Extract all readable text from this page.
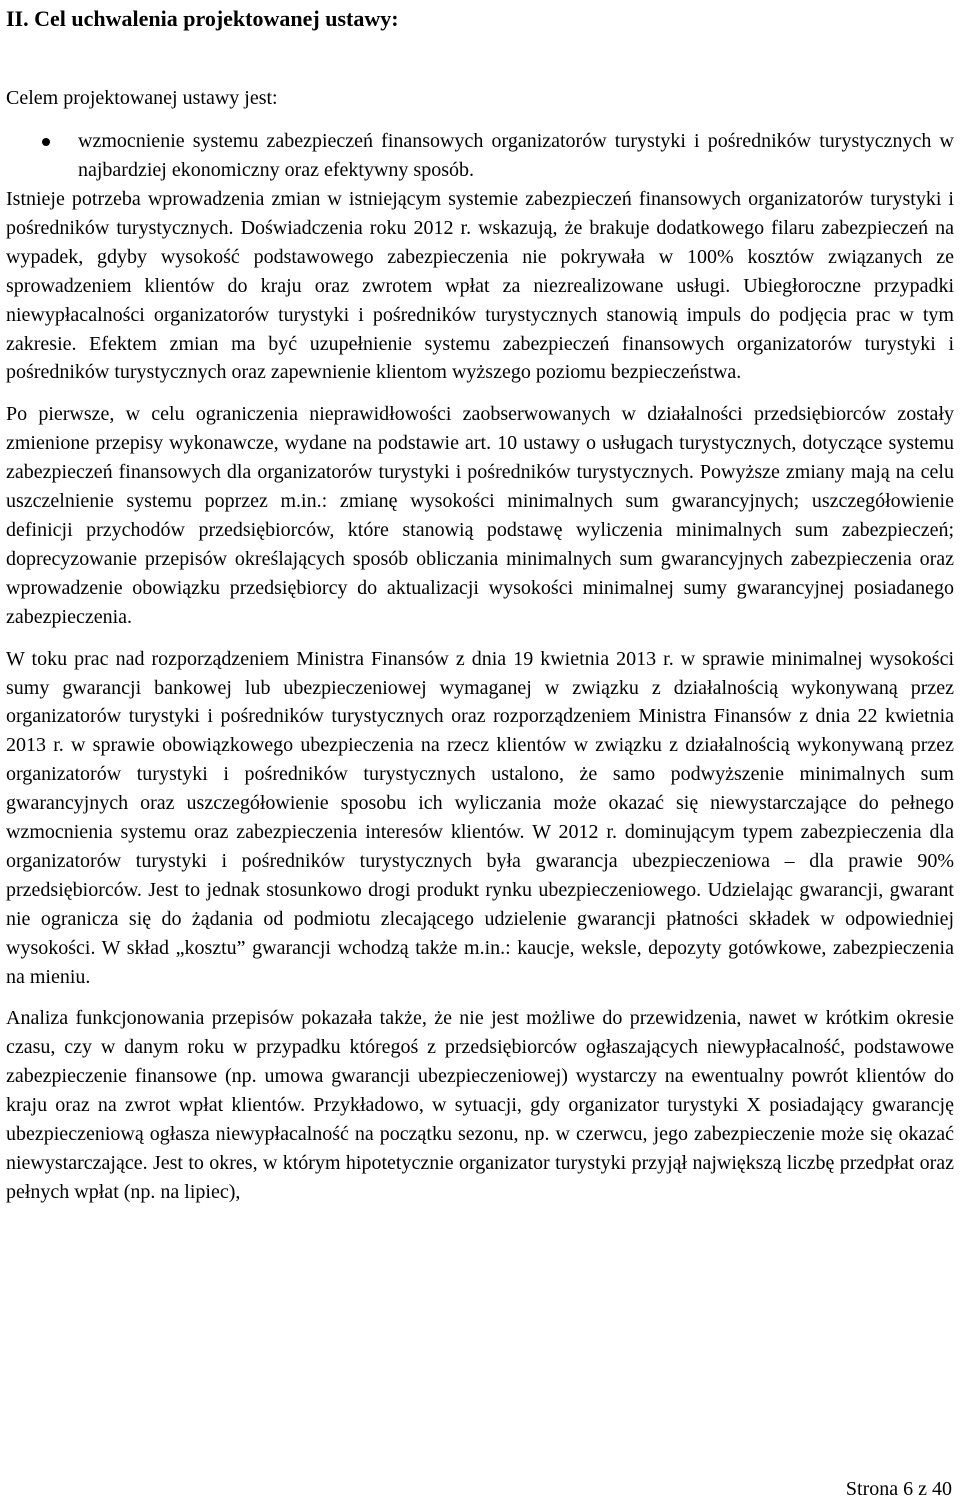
II. Cel uchwalenia projektowanej ustawy:

Celem projektowanej ustawy jest:

wzmocnienie systemu zabezpieczeń finansowych organizatorów turystyki i pośredników turystycznych w najbardziej ekonomiczny oraz efektywny sposób.

Istnieje potrzeba wprowadzenia zmian w istniejącym systemie zabezpieczeń finansowych organizatorów turystyki i pośredników turystycznych. Doświadczenia roku 2012 r. wskazują, że brakuje dodatkowego filaru zabezpieczeń na wypadek, gdyby wysokość podstawowego zabezpieczenia nie pokrywała w 100% kosztów związanych ze sprowadzeniem klientów do kraju oraz zwrotem wpłat za niezrealizowane usługi. Ubiegłoroczne przypadki niewypłacalności organizatorów turystyki i pośredników turystycznych stanowią impuls do podjęcia prac w tym zakresie. Efektem zmian ma być uzupełnienie systemu zabezpieczeń finansowych organizatorów turystyki i pośredników turystycznych oraz zapewnienie klientom wyższego poziomu bezpieczeństwa.

Po pierwsze, w celu ograniczenia nieprawidłowości zaobserwowanych w działalności przedsiębiorców zostały zmienione przepisy wykonawcze, wydane na podstawie art. 10 ustawy o usługach turystycznych, dotyczące systemu zabezpieczeń finansowych dla organizatorów turystyki i pośredników turystycznych. Powyższe zmiany mają na celu uszczelnienie systemu poprzez m.in.: zmianę wysokości minimalnych sum gwarancyjnych; uszczegółowienie definicji przychodów przedsiębiorców, które stanowią podstawę wyliczenia minimalnych sum zabezpieczeń; doprecyzowanie przepisów określających sposób obliczania minimalnych sum gwarancyjnych zabezpieczenia oraz wprowadzenie obowiązku przedsiębiorcy do aktualizacji wysokości minimalnej sumy gwarancyjnej posiadanego zabezpieczenia.

W toku prac nad rozporządzeniem Ministra Finansów z dnia 19 kwietnia 2013 r. w sprawie minimalnej wysokości sumy gwarancji bankowej lub ubezpieczeniowej wymaganej w związku z działalnością wykonywaną przez organizatorów turystyki i pośredników turystycznych oraz rozporządzeniem Ministra Finansów z dnia 22 kwietnia 2013 r. w sprawie obowiązkowego ubezpieczenia na rzecz klientów w związku z działalnością wykonywaną przez organizatorów turystyki i pośredników turystycznych ustalono, że samo podwyższenie minimalnych sum gwarancyjnych oraz uszczegółowienie sposobu ich wyliczania może okazać się niewystarczające do pełnego wzmocnienia systemu oraz zabezpieczenia interesów klientów. W 2012 r. dominującym typem zabezpieczenia dla organizatorów turystyki i pośredników turystycznych była gwarancja ubezpieczeniowa – dla prawie 90% przedsiębiorców. Jest to jednak stosunkowo drogi produkt rynku ubezpieczeniowego. Udzielając gwarancji, gwarant nie ogranicza się do żądania od podmiotu zlecającego udzielenie gwarancji płatności składek w odpowiedniej wysokości. W skład „kosztu” gwarancji wchodzą także m.in.: kaucje, weksle, depozyty gotówkowe, zabezpieczenia na mieniu.

Analiza funkcjonowania przepisów pokazała także, że nie jest możliwe do przewidzenia, nawet w krótkim okresie czasu, czy w danym roku w przypadku któregoś z przedsiębiorców ogłaszających niewypłacalność, podstawowe zabezpieczenie finansowe (np. umowa gwarancji ubezpieczeniowej) wystarczy na ewentualny powrót klientów do kraju oraz na zwrot wpłat klientów. Przykładowo, w sytuacji, gdy organizator turystyki X posiadający gwarancję ubezpieczeniową ogłasza niewypłacalność na początku sezonu, np. w czerwcu, jego zabezpieczenie może się okazać niewystarczające. Jest to okres, w którym hipotetycznie organizator turystyki przyjął największą liczbę przedpłat oraz pełnych wpłat (np. na lipiec),

Strona 6 z 40
